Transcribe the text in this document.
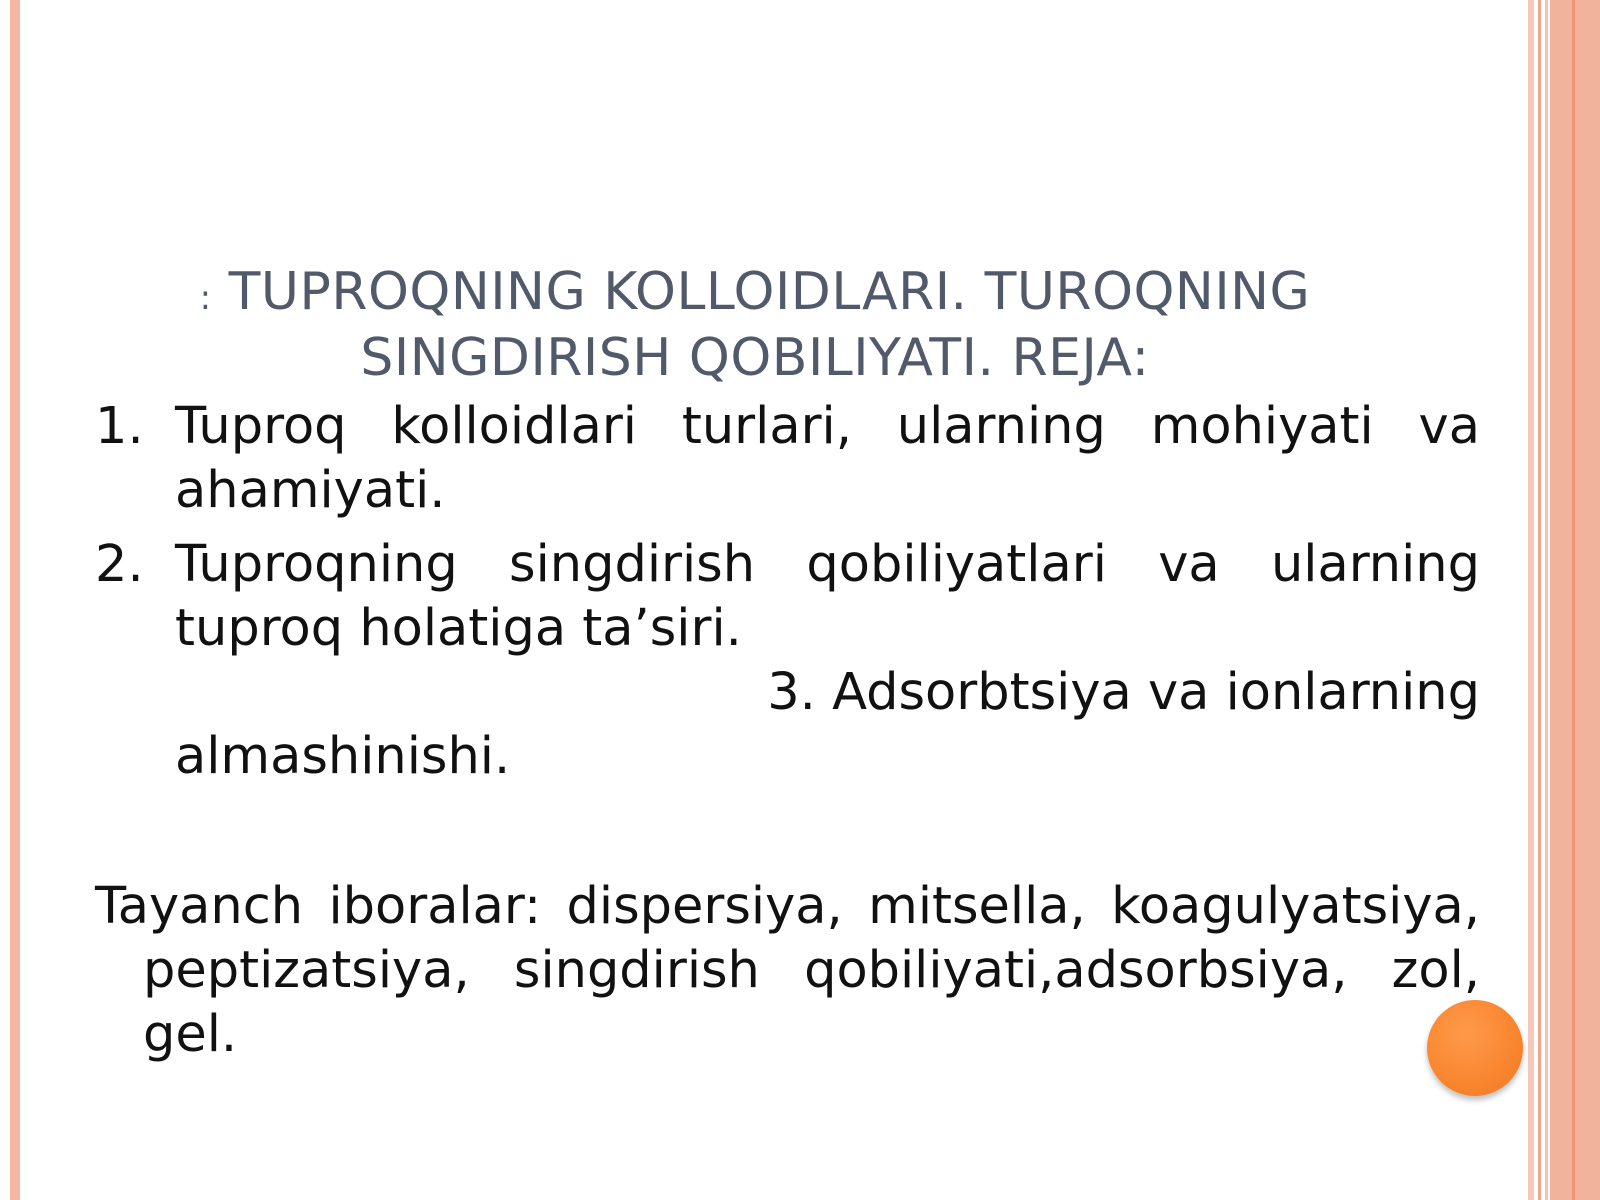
: TUPROQNING KOLLOIDLARI. TUROQNING
SINGDIRISH QOBILIYATI. REJA:

1. Tuproq kolloidlari turlari, ularning mohiyati va ahamiyati.

2. Tuproqning singdirish qobiliyatlari va ularning tuproq holatiga ta’siri.

3. Adsorbtsiya va ionlarning
almashinishi.

Tayanch iboralar: dispersiya, mitsella, koagulyatsiya, peptizatsiya, singdirish qobiliyati,adsorbsiya, zol, gel.
